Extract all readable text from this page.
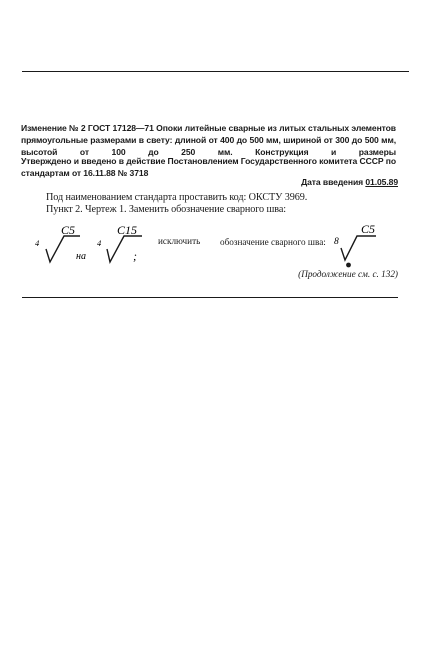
Изменение № 2 ГОСТ 17128—71 Опоки литейные сварные из литых стальных элементов прямоугольные размерами в свету: длиной от 400 до 500 мм, шириной от 300 до 500 мм, высотой от 100 до 250 мм. Конструкция и размеры
Утверждено и введено в действие Постановлением Государственного комитета СССР по стандартам от 16.11.88 № 3718
Дата введения 01.05.89
Под наименованием стандарта проставить код: ОКСТУ 3969.
Пункт 2. Чертеж 1. Заменить обозначение сварного шва:
4
С5
на
4
С15
;
исключить обозначение сварного шва: 8
С5
(Продолжение см. с. 132)
